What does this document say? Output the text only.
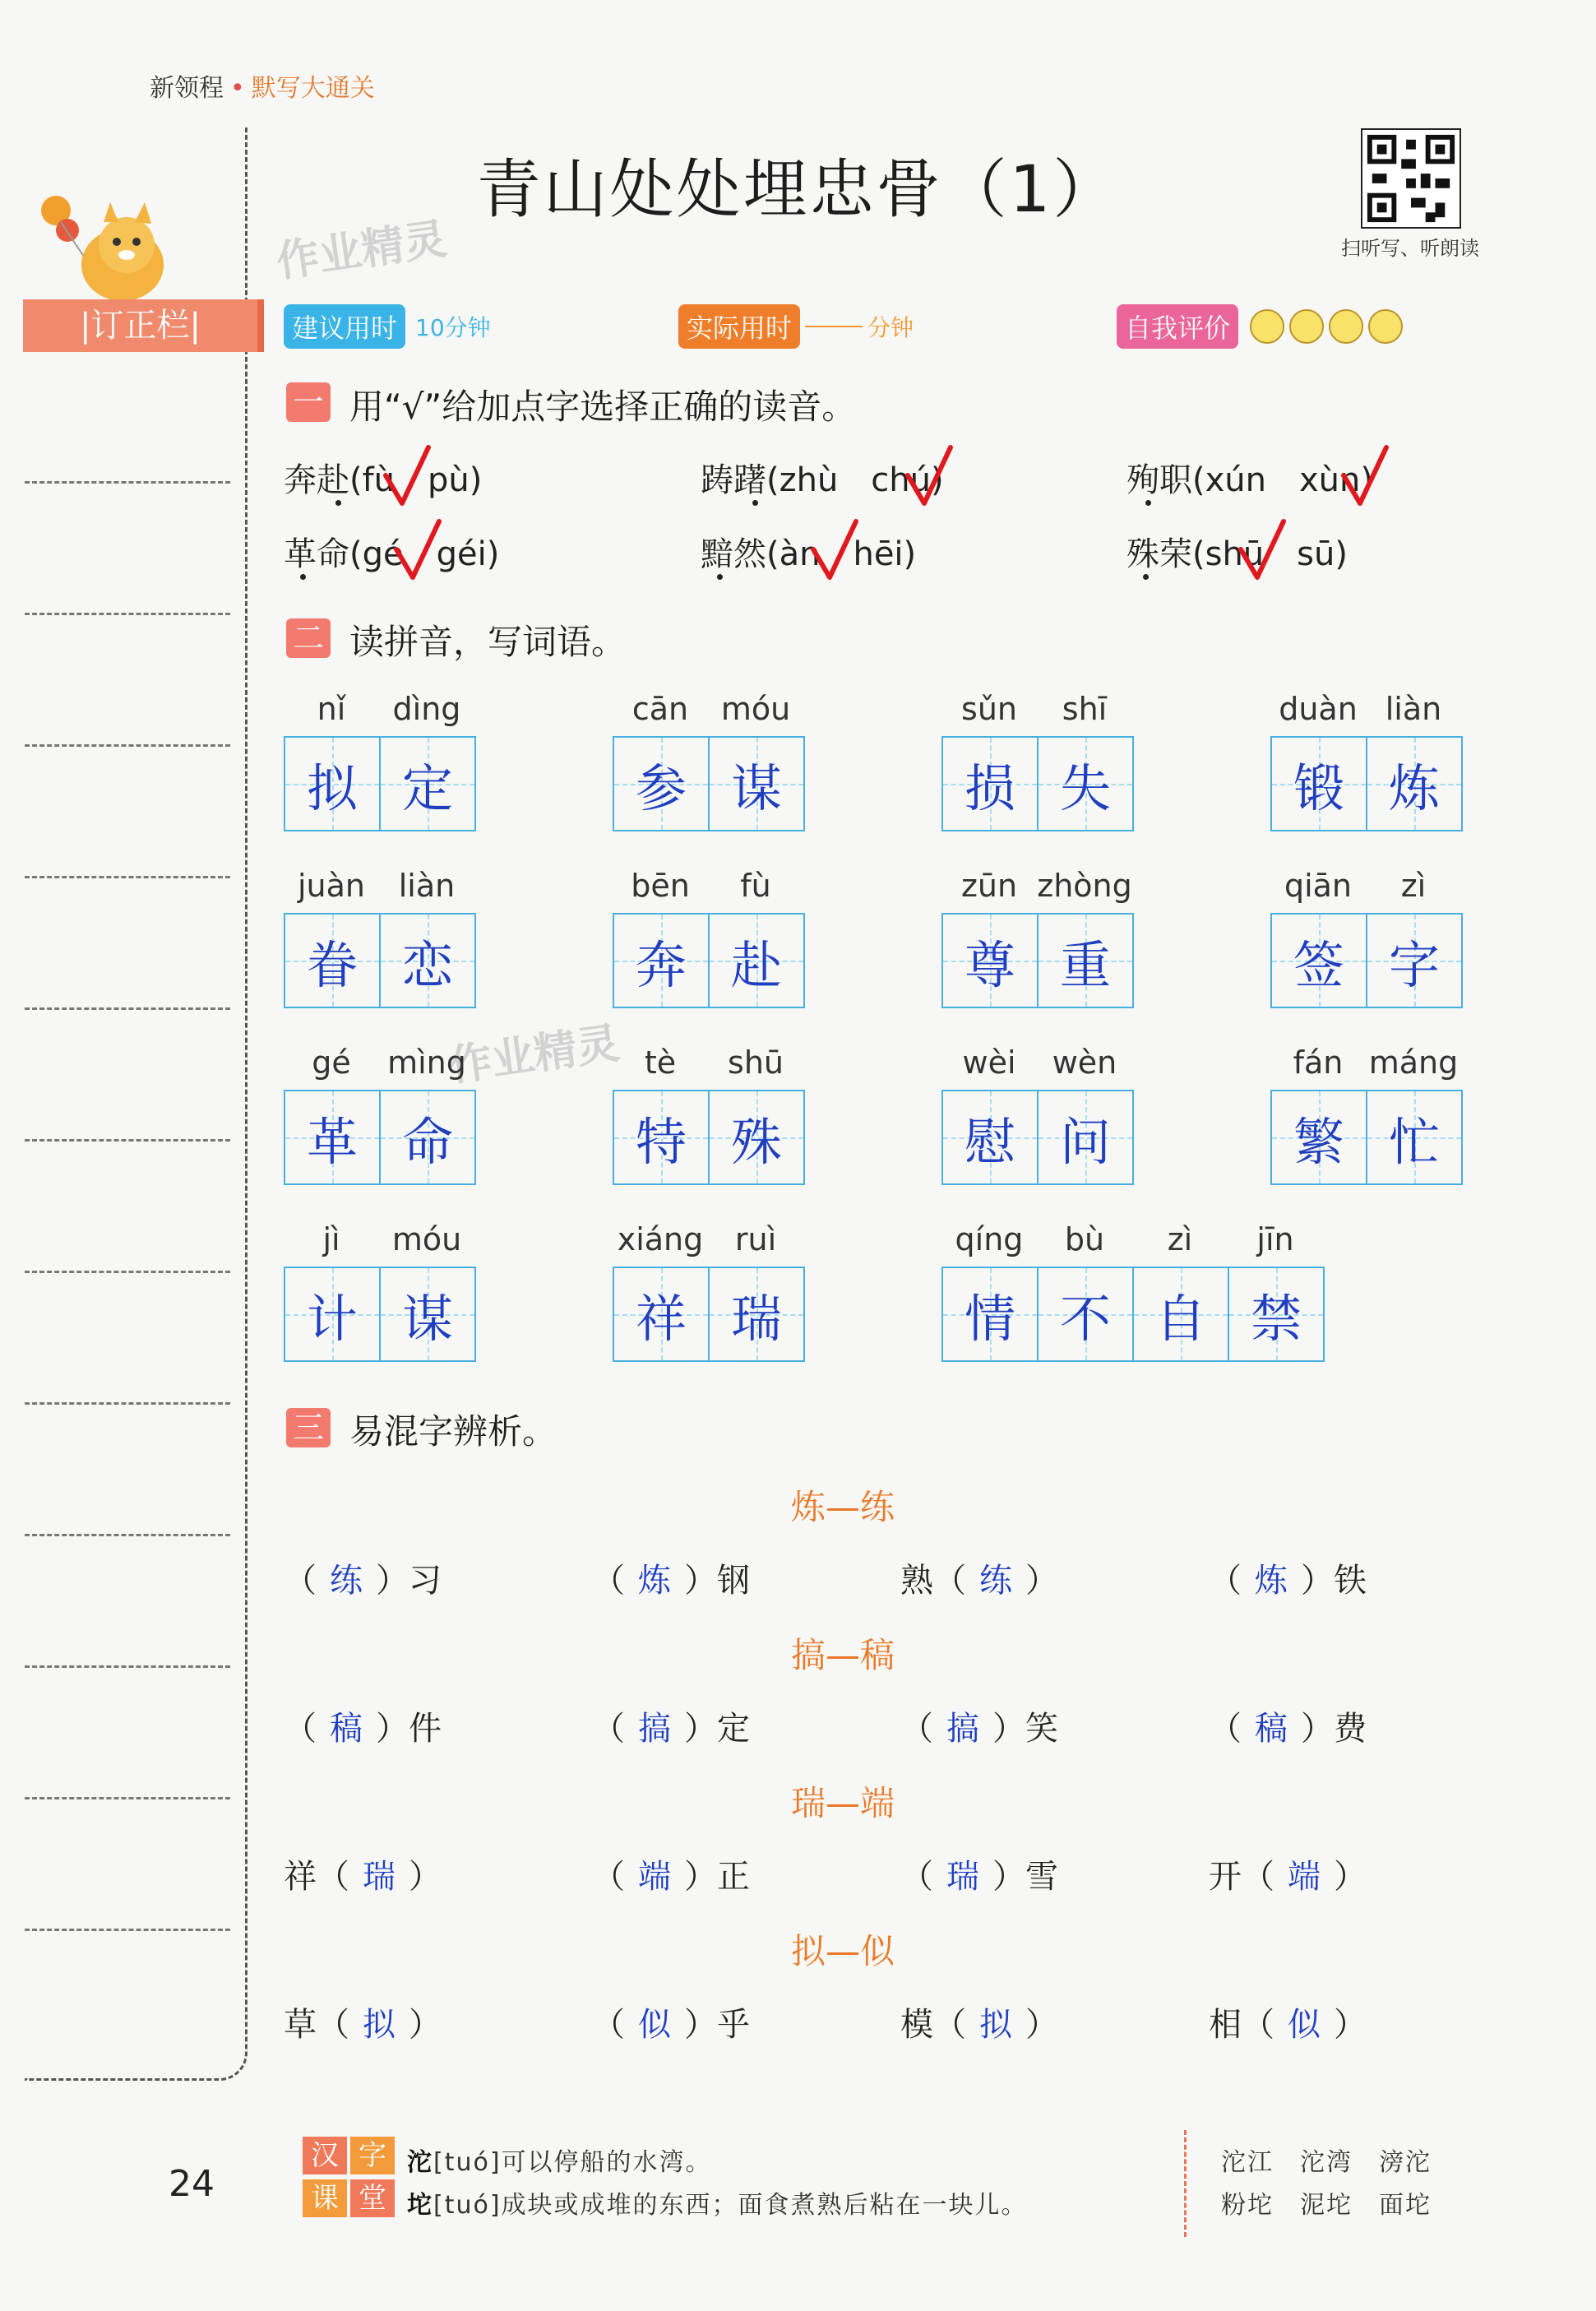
新领程 • 默写大通关
青山处处埋忠骨（1）
扫听写、听朗读
|订正栏|
作业精灵
作业精灵
建议用时 10分钟	实际用时	分钟	自我评价
一 用“√”给加点字选择正确的读音。
奔赴(fù　pù)	踌躇(zhù　chú)	殉职(xún　xùn)
革命(gé　géi)	黯然(àn　hēi)	殊荣(shū　sū)
二 读拼音，写词语。
nǐ	dìng
拟 定
cān	móu
参 谋
sǔn	shī
损 失
duàn liàn
锻 炼
juàn	liàn
眷 恋
bēn	fù
奔 赴
zūn zhòng
尊 重
qiān	zì
签 字
gé	mìng
革 命
tè	shū
特 殊
wèi	wèn
慰 问
fán máng
繁 忙
jì	móu
计 谋
xiáng	ruì
祥 瑞
qíng	bù	zì	jīn
情 不 自 禁
三 易混字辨析。
炼—练
（ 练 ）习	（ 炼 ）钢	熟（ 练 ）	（ 炼 ）铁
搞—稿
（ 稿 ）件	（ 搞 ）定	（ 搞 ）笑	（ 稿 ）费
瑞—端
祥（ 瑞 ）	（ 端 ）正	（ 瑞 ）雪	开（ 端 ）
拟—似
草（ 拟 ）	（ 似 ）乎	模（ 拟 ）	相（ 似 ）
24
汉 字
课 堂
沱[tuó]可以停船的水湾。
坨[tuó]成块或成堆的东西；面食煮熟后粘在一块儿。
沱江　沱湾　滂沱
粉坨　泥坨　面坨
